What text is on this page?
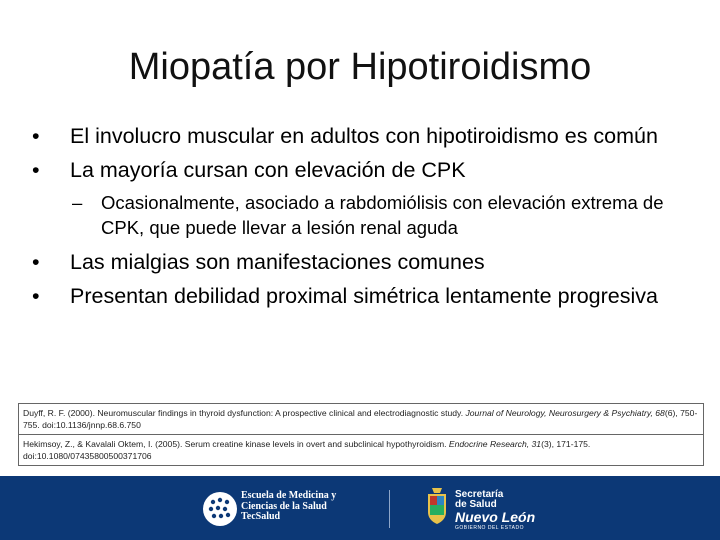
Miopatía por Hipotiroidismo
• El involucro muscular en adultos con hipotiroidismo es común
• La mayoría cursan con elevación de CPK
– Ocasionalmente, asociado a rabdomiólisis con elevación extrema de CPK, que puede llevar a lesión renal aguda
• Las mialgias son manifestaciones comunes
• Presentan debilidad proximal simétrica lentamente progresiva
Duyff, R. F. (2000). Neuromuscular findings in thyroid dysfunction: A prospective clinical and electrodiagnostic study. Journal of Neurology, Neurosurgery & Psychiatry, 68(6), 750-755. doi:10.1136/jnnp.68.6.750
Hekimsoy, Z., & Kavalali Oktem, I. (2005). Serum creatine kinase levels in overt and subclinical hypothyroidism. Endocrine Research, 31(3), 171-175. doi:10.1080/07435800500371706
Escuela de Medicina y
Ciencias de la Salud
TecSalud
Secretaría
de Salud
Nuevo León
GOBIERNO DEL ESTADO
